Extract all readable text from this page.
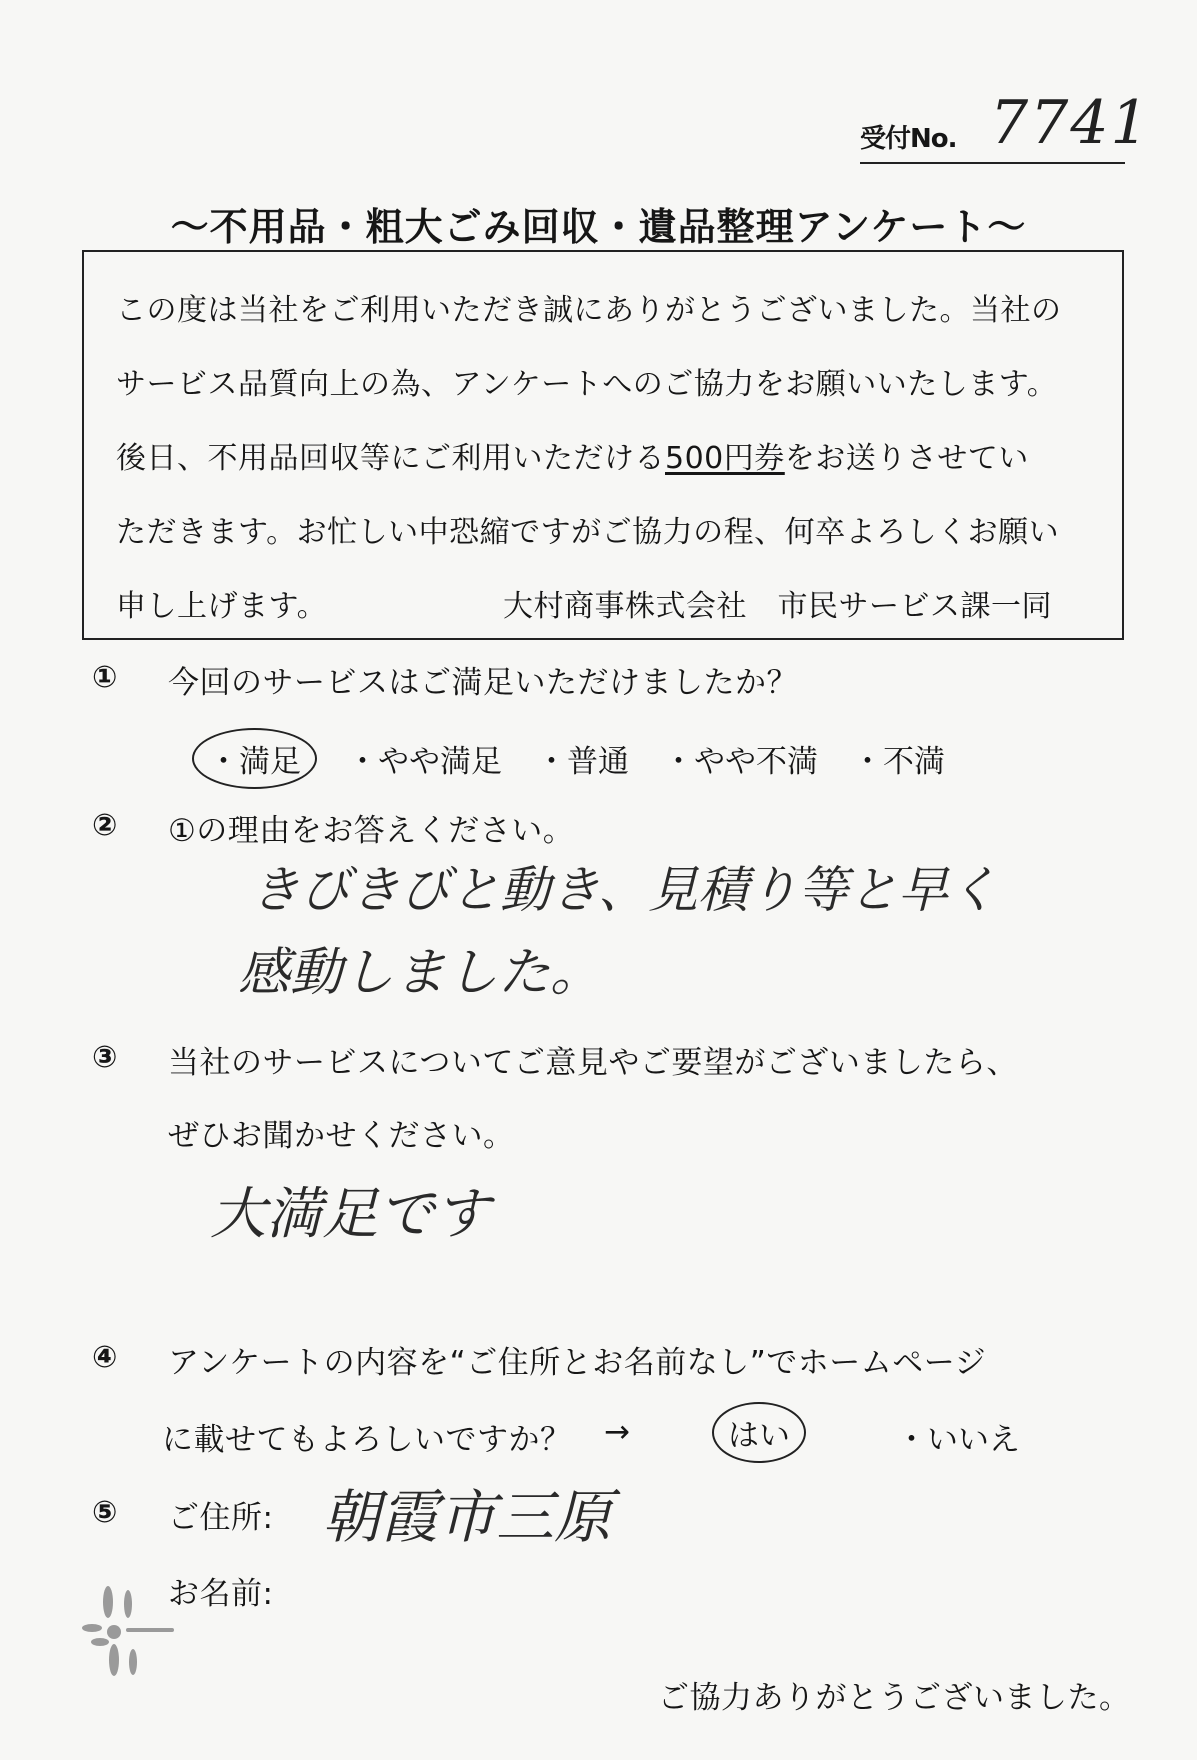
受付No. 7741
〜不用品・粗大ごみ回収・遺品整理アンケート〜
この度は当社をご利用いただき誠にありがとうございました。当社の
サービス品質向上の為、アンケートへのご協力をお願いいたします。
後日、不用品回収等にご利用いただける500円券をお送りさせてい
ただきます。お忙しい中恐縮ですがご協力の程、何卒よろしくお願い
申し上げます。	大村商事株式会社　市民サービス課一同
① 今回のサービスはご満足いただけましたか？
・満足	・やや満足 ・普通 ・やや不満 ・不満
② ①の理由をお答えください。
きびきびと動き、見積り等と早く
感動しました。
③ 当社のサービスについてご意見やご要望がございましたら、
ぜひお聞かせください。
大満足です
④ アンケートの内容を“ご住所とお名前なし”でホームページ
に載せてもよろしいですか？ →	はい	・いいえ
⑤ ご住所: 朝霞市三原
お名前:
ご協力ありがとうございました。
